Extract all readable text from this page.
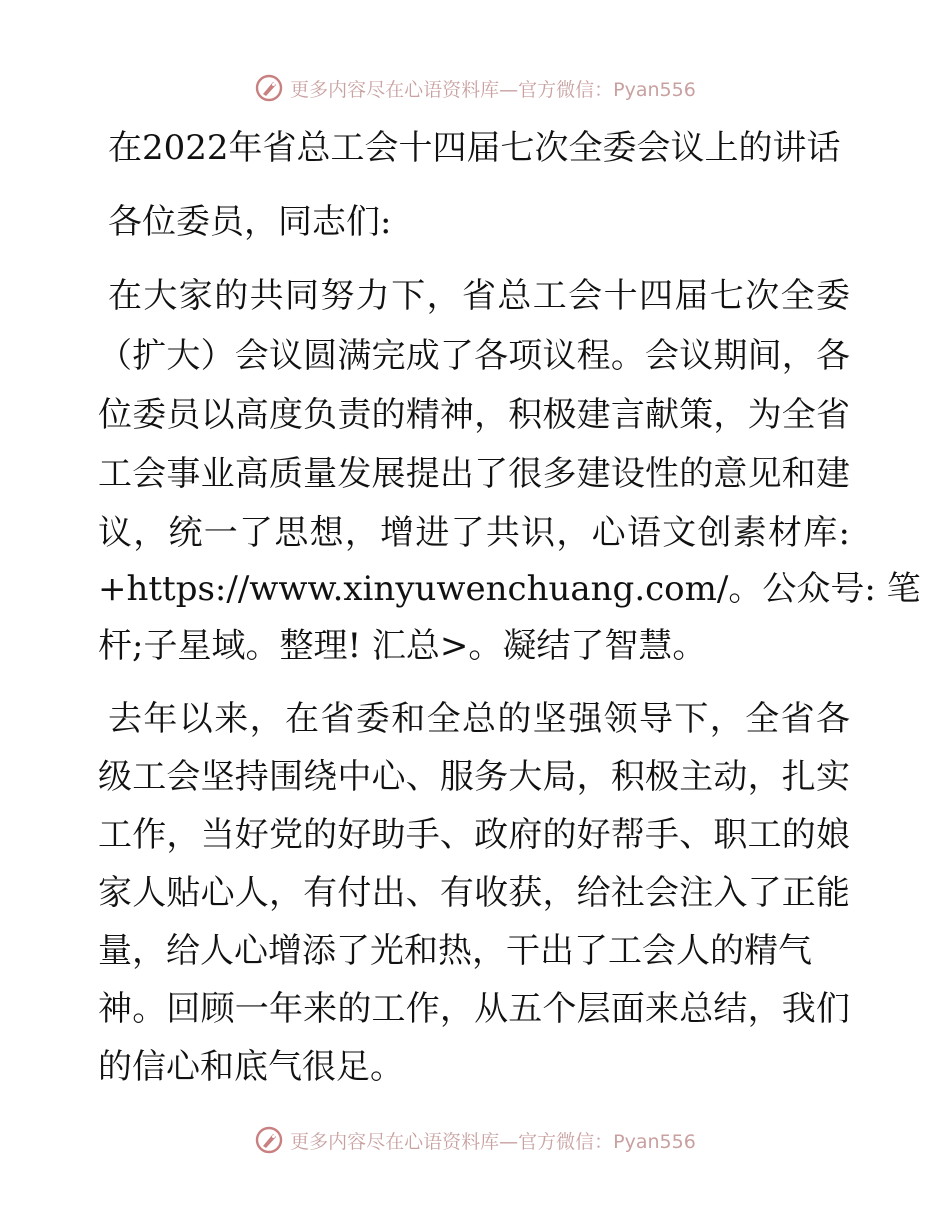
更多内容尽在心语资料库—官方微信：Pyan556
在2022年省总工会十四届七次全委会议上的讲话
各位委员，同志们:
在大家的共同努力下，省总工会十四届七次全委
（扩大）会议圆满完成了各项议程。会议期间，各
位委员以高度负责的精神，积极建言献策，为全省
工会事业高质量发展提出了很多建设性的意见和建
议，统一了思想，增进了共识，心语文创素材库:
+https://www.xinyuwenchuang.com/。公众号: 笔
杆;子星域。整理! 汇总>。凝结了智慧。
去年以来，在省委和全总的坚强领导下，全省各
级工会坚持围绕中心、服务大局，积极主动，扎实
工作，当好党的好助手、政府的好帮手、职工的娘
家人贴心人，有付出、有收获，给社会注入了正能
量，给人心增添了光和热，干出了工会人的精气
神。回顾一年来的工作，从五个层面来总结，我们
的信心和底气很足。
更多内容尽在心语资料库—官方微信：Pyan556
